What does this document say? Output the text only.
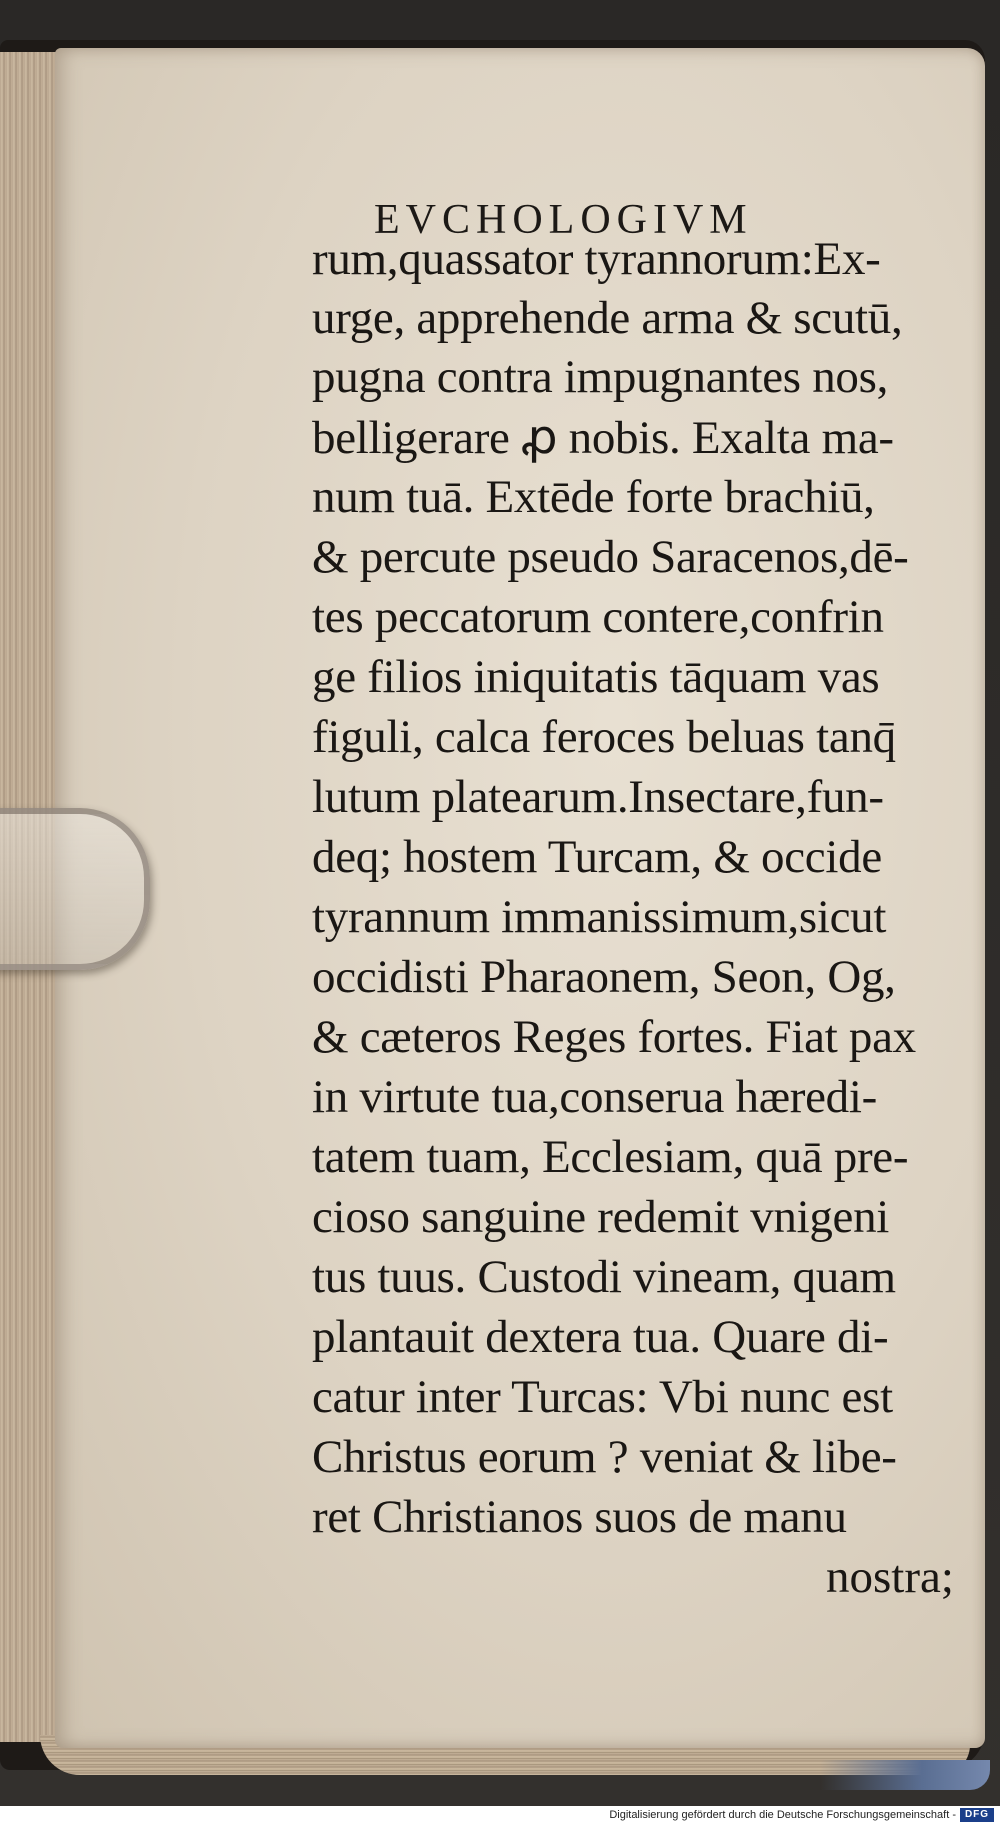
EVCHOLOGIVM
rum,quassator tyrannorum:Ex-
urge, apprehende arma & scutū,
pugna contra impugnantes nos,
belligerare ꝓ nobis. Exalta ma-
num tuā. Extēde forte brachiū,
& percute pseudo Saracenos,dē-
tes peccatorum contere,confrin
ge filios iniquitatis tāquam vas
figuli, calca feroces beluas tanq̄
lutum platearum.Insectare,fun-
deq; hostem Turcam, & occide
tyrannum immanissimum,sicut
occidisti Pharaonem, Seon, Og,
& cæteros Reges fortes. Fiat pax
in virtute tua,conserua hæredi-
tatem tuam, Ecclesiam, quā pre-
cioso sanguine redemit vnigeni
tus tuus. Custodi vineam, quam
plantauit dextera tua. Quare di-
catur inter Turcas: Vbi nunc est
Christus eorum ? veniat & libe-
ret Christianos suos de manu
nostra;
Digitalisierung gefördert durch die Deutsche Forschungsgemeinschaft - DFG
